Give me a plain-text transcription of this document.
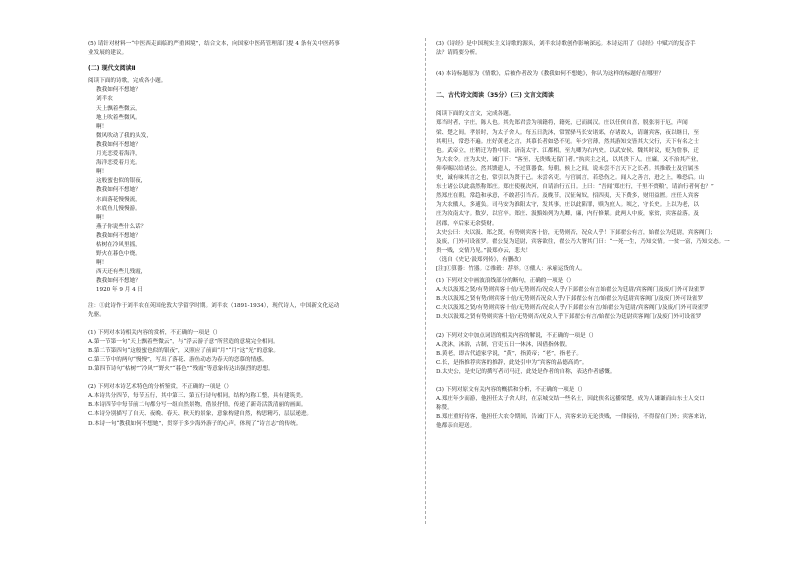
(5) 请针对材料一“中医西走面临的严重困境”，结合文本，向国家中医药管理部门提 4 条有关中医药事

业发展的建议。

(二) 现代文阅读Ⅱ

阅读下面的诗歌，完成各小题。

教我如何不想她？

刘半农

天上飘着些微云，

地上吹着些微风。

啊！

微风吹动了我的头发，

教我如何不想她？

月光恋爱着海洋，

海洋恋爱着月光。

啊！

这般蜜也似的银夜，

教我如何不想她？

水面落花慢慢流，

水底鱼儿慢慢游。

啊！

燕子你说些什么话？

教我如何不想她？

枯树在冷风里摇，

野火在暮色中烧。

啊！

西天还有些儿残霞，

教我如何不想她？

1920 年 9 月 4 日

注：①此诗作于刘半农在英国伦敦大学留学时期。刘半农（1891-1934），现代诗人，中国新文化运动

先驱。

(1) 下列对本诗相关内容的赏析，不正确的一项是（）

A.第一节第一句“天上飘着些微云”，与“浮云游子意”所营造的意境完全相同。

B.第二节第四句“这般蜜也似的银夜”，又照应了前面“月”“月”这“光”的意象。

C.第三节中的两句“慢慢”，写出了落花、游鱼动态为春天的恋慕的情感。

D.第四节诗句“枯树”“冷风”“野火”“暮色”“残霞”等意象传达出强烈的思想。

(2) 下列对本诗艺术特色的分析鉴赏，不正确的一项是（）

A.本诗共分四节，每节五行，其中第三、第五行诗句相同，结构匀称工整，具有建筑美。

B.本诗四节中每节前二句都分写一组自然景物，借景抒情，传递了新奇活泼清丽的画面。

C.本诗分别描写了自天、夜晚、春天、秋天的景象，意象构建自然，构思精巧，层层递进。

D.本诗一句“教我如何不想她”，贯穿于多少海外游子的心声，体现了“诗言志”的传统。

(3)《诗经》是中国现实主义诗歌的源头，刘半农诗歌创作影响深远。本诗运用了《诗经》中赋兴的复沓手

法？请简要分析。

(4) 本诗标题原为《情歌》，后被作者改为《教我如何不想她》，你认为这样的标题好在哪里？

二、古代诗文阅读（35分）(三) 文言文阅读

阅读下面的文言文，完成各题。

郑当时者，字庄，陈人也。其先郑君尝为项籍将，籍死，已而属汉。庄以任侠自喜，脱张羽于厄，声闻

梁、楚之间。孝景时，为太子舍人。每五日洗沐，常置驿马长安诸郊，存诸故人，请谢宾客，夜以继日，至

其明旦，常恐不遍。庄好黄老之言，其慕长者如恐不见。年少官薄，然其游知交皆其大父行，天下有名之士

也。武帝立，庄稍迁为鲁中尉、济南太守、江都相，至九卿为右内史。以武安侯、魏其时议，贬为詹事，迁

为大农令。庄为太史，诫门下：“客至，无贵贱无留门者。”执宾主之礼，以其贵下人。庄廉，又不治其产业，

仰奉赐以给诸公。然其馈遗人，不过算器食。每朝，候上之间，说未尝不言天下之长者。其推毂士及官属丞

史，诚有味其言之也，常引以为贤于己。未尝名吏，与官属言，若恐伤之。闻人之善言，进之上，唯恐后。山

东士诸公以此翕然称郑庄。郑庄使视决河，自请治行五日。上曰：“吾闻‘郑庄行，千里不赍粮’，请治行者何也？”

然郑庄在朝，常趋和承意，不敢甚引当否。及晚节，汉征匈奴，招四夷，天下费多，财用益匮。庄任人宾客

为大农僦人，多逋负。司马安为淮阳太守，发其事，庄以此陷罪，赎为庶人。顷之，守长史。上以为老，以

庄为汝南太守。数岁，以官卒。郑庄、汲黯始列为九卿，廉，内行修絜。此两人中废，家贫，宾客益落。及

居郡，卒后家无余赀财。

太史公曰：夫以汲、郑之贤，有势则宾客十倍，无势则否，况众人乎！下邽翟公有言，始翟公为廷尉，宾客阗门；

及废，门外可设雀罗。翟公复为廷尉，宾客欲往，翟公乃大署其门曰：“一死一生，乃知交情。一贫一富，乃知交态。一

贵一贱，交情乃见。”汲郑亦云，悲夫！

（选自《史记·汲郑列传》，有删改）

[注]①算器：竹器。②推毂：荐举。③僦人：承雇运货的人。

(1) 下列对文中画波浪线部分的断句，正确的一项是（）

A.夫以汲郑之贤/有势则宾客十倍/无势则否/况众人乎/下邽翟公有言始翟公为廷尉/宾客阗门及废/门外可设雀罗

B.夫以汲郑之贤有势/则宾客十倍/无势则否况众人乎/下邽翟公有言/始翟公为廷尉宾客阗门/及废门外可设雀罗

C.夫以汲郑之贤/有势则宾客十倍/无势则否/况众人乎/下邽翟公有言/始翟公为廷尉/宾客阗门/及废/门外可设雀罗

D.夫以汲郑之贤有势则宾客十倍/无势则否/况众人乎下邽翟公有言/始翟公为廷尉宾客阗门/及废门外可设雀罗

(2) 下列对文中加点词语的相关内容的解说，不正确的一项是（）

A.洗沐，沐浴，古制，官吏五日一休沐，因借指休假。

B.黄老，即古代道家学说，“黄”，指黄帝；“老”，指老子。

C.长，是指推荐宾客的推辞，此处引申为“宾客的品德高尚”。

D.太史公，是史记的撰写者司马迁，此处是作者的自称，表达作者感慨。

(3) 下列对原文有关内容的概括和分析，不正确的一项是（）

A.郑庄年少而游，他担任太子舍人时，在京城交结一些名士，因此侠名远播梁楚，成为人谦谦而山东士人交口

称赞。

B.郑庄重好待客，他担任大农令期间，告诫门下人，宾客来访无论贵贱，一律接待，不得留在门外；宾客来访，

他都亲自迎送。
